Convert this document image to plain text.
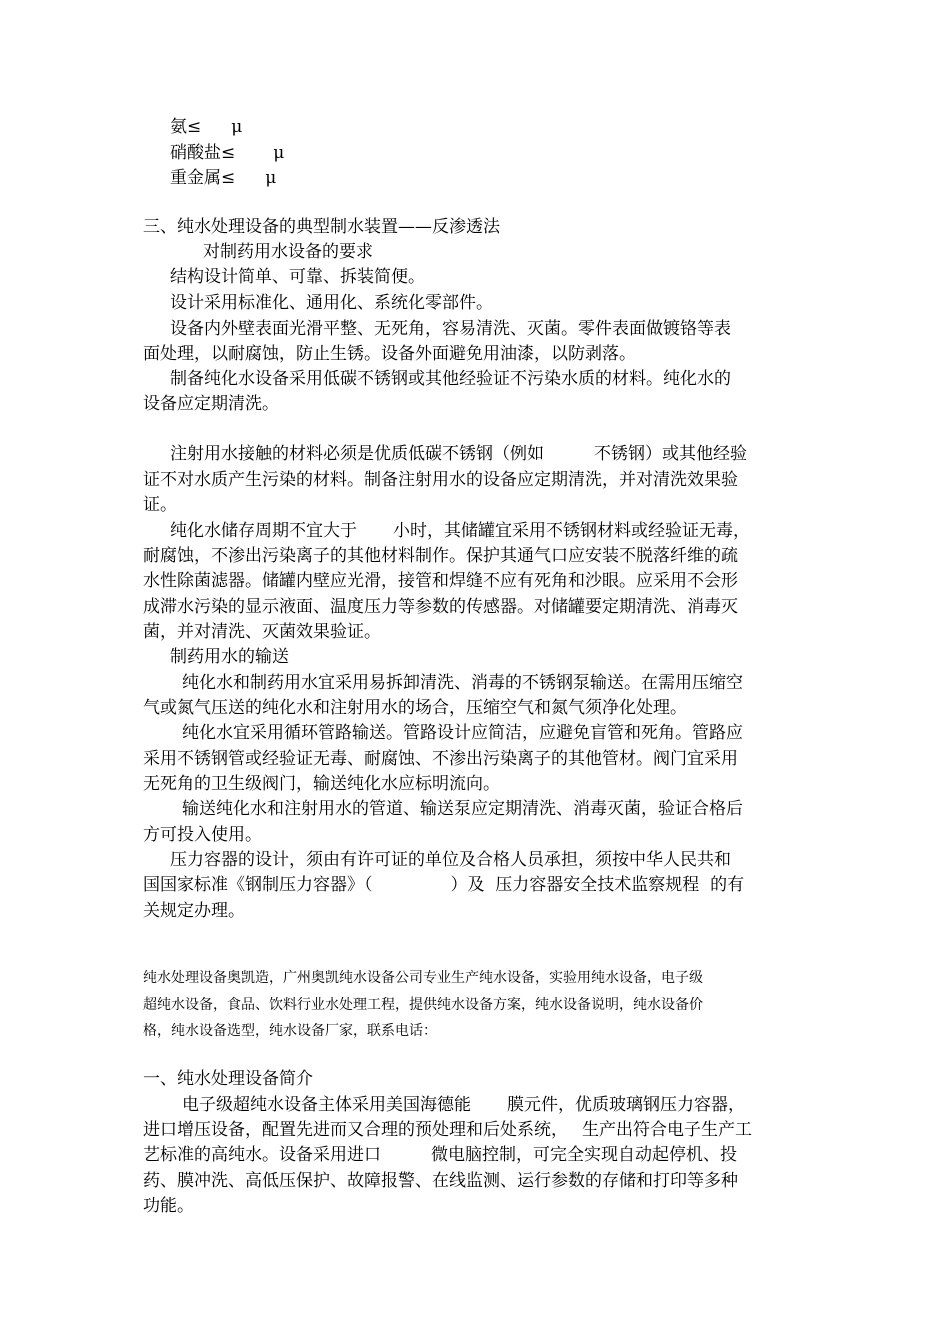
氨≤ μ
硝酸盐≤ μ
重金属≤ μ
三、纯水处理设备的典型制水装置——反渗透法
对制药用水设备的要求
结构设计简单、可靠、拆装简便。
设计采用标准化、通用化、系统化零部件。
设备内外壁表面光滑平整、无死角，容易清洗、灭菌。零件表面做镀铬等表
面处理，以耐腐蚀，防止生锈。设备外面避免用油漆，以防剥落。
制备纯化水设备采用低碳不锈钢或其他经验证不污染水质的材料。纯化水的
设备应定期清洗。
注射用水接触的材料必须是优质低碳不锈钢（例如	不锈钢）或其他经验
证不对水质产生污染的材料。制备注射用水的设备应定期清洗，并对清洗效果验
证。
纯化水储存周期不宜大于 小时，其储罐宜采用不锈钢材料或经验证无毒，
耐腐蚀，不渗出污染离子的其他材料制作。保护其通气口应安装不脱落纤维的疏
水性除菌滤器。储罐内壁应光滑，接管和焊缝不应有死角和沙眼。应采用不会形
成滞水污染的显示液面、温度压力等参数的传感器。对储罐要定期清洗、消毒灭
菌，并对清洗、灭菌效果验证。
制药用水的输送
纯化水和制药用水宜采用易拆卸清洗、消毒的不锈钢泵输送。在需用压缩空
气或氮气压送的纯化水和注射用水的场合，压缩空气和氮气须净化处理。
纯化水宜采用循环管路输送。管路设计应简洁，应避免盲管和死角。管路应
采用不锈钢管或经验证无毒、耐腐蚀、不渗出污染离子的其他管材。阀门宜采用
无死角的卫生级阀门，输送纯化水应标明流向。
输送纯化水和注射用水的管道、输送泵应定期清洗、消毒灭菌，验证合格后
方可投入使用。
压力容器的设计，须由有许可证的单位及合格人员承担，须按中华人民共和
国国家标准《钢制压力容器》（	）及  压力容器安全技术监察规程  的有
关规定办理。
纯水处理设备奥凯造，广州奥凯纯水设备公司专业生产纯水设备，实验用纯水设备，电子级
超纯水设备，食品、饮料行业水处理工程，提供纯水设备方案，纯水设备说明，纯水设备价
格，纯水设备选型，纯水设备厂家，联系电话：
一、纯水处理设备简介
电子级超纯水设备主体采用美国海德能 膜元件，优质玻璃钢压力容器，
进口增压设备，配置先进而又合理的预处理和后处系统， 生产出符合电子生产工
艺标准的高纯水。设备采用进口	微电脑控制，可完全实现自动起停机、投
药、膜冲洗、高低压保护、故障报警、在线监测、运行参数的存储和打印等多种
功能。
